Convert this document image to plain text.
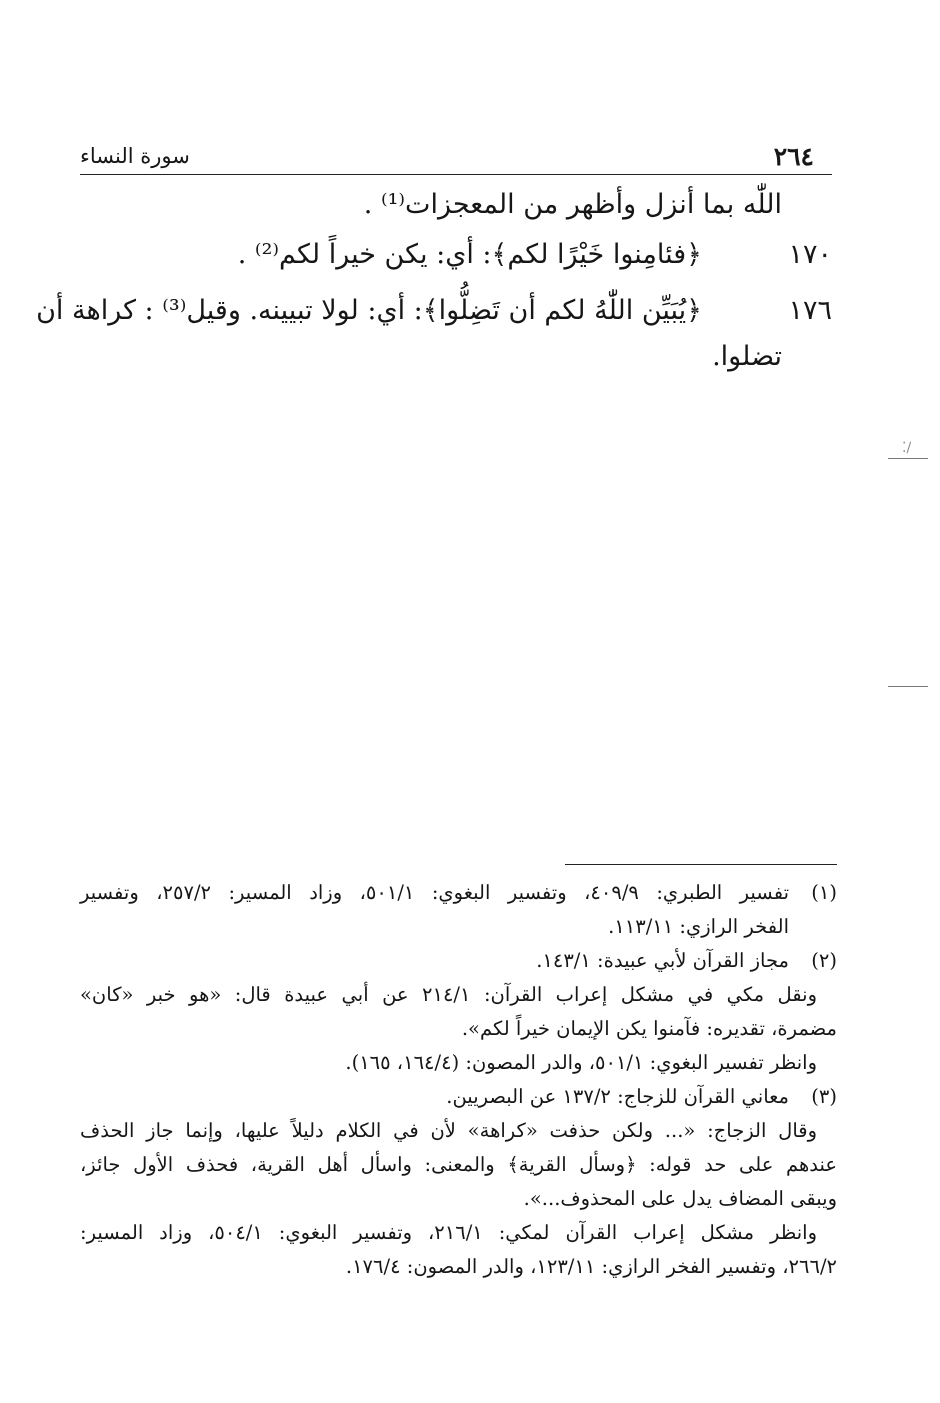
٢٦٤
سورة النساء
اللّٰه بما أنزل وأظهر من المعجزات⁽¹⁾ .
١٧٠
﴿فئامِنوا خَيْرًا لكم﴾: أي: يكن خيراً لكم⁽²⁾ .
١٧٦
﴿يُبَيِّن اللّٰهُ لكم أن تَضِلُّوا﴾: أي: لولا تبيينه. وقيل⁽³⁾ : كراهة أن
تضلوا.
(١)
تفسير الطبري: ٤٠٩/٩، وتفسير البغوي: ٥٠١/١، وزاد المسير: ٢٥٧/٢، وتفسير
الفخر الرازي: ١١٣/١١.
(٢)
مجاز القرآن لأبي عبيدة: ١٤٣/١.
ونقل مكي في مشكل إعراب القرآن: ٢١٤/١ عن أبي عبيدة قال: «هو خبر «كان»
مضمرة، تقديره: فآمنوا يكن الإيمان خيراً لكم».
وانظر تفسير البغوي: ٥٠١/١، والدر المصون: (١٦٤/٤، ١٦٥).
(٣)
معاني القرآن للزجاج: ١٣٧/٢ عن البصريين.
وقال الزجاج: «... ولكن حذفت «كراهة» لأن في الكلام دليلاً عليها، وإنما جاز الحذف
عندهم على حد قوله: ﴿وسأل القرية﴾ والمعنى: واسأل أهل القرية، فحذف الأول جائز،
ويبقى المضاف يدل على المحذوف...».
وانظر مشكل إعراب القرآن لمكي: ٢١٦/١، وتفسير البغوي: ٥٠٤/١، وزاد المسير:
٢٦٦/٢، وتفسير الفخر الرازي: ١٢٣/١١، والدر المصون: ١٧٦/٤.
⁚∕
